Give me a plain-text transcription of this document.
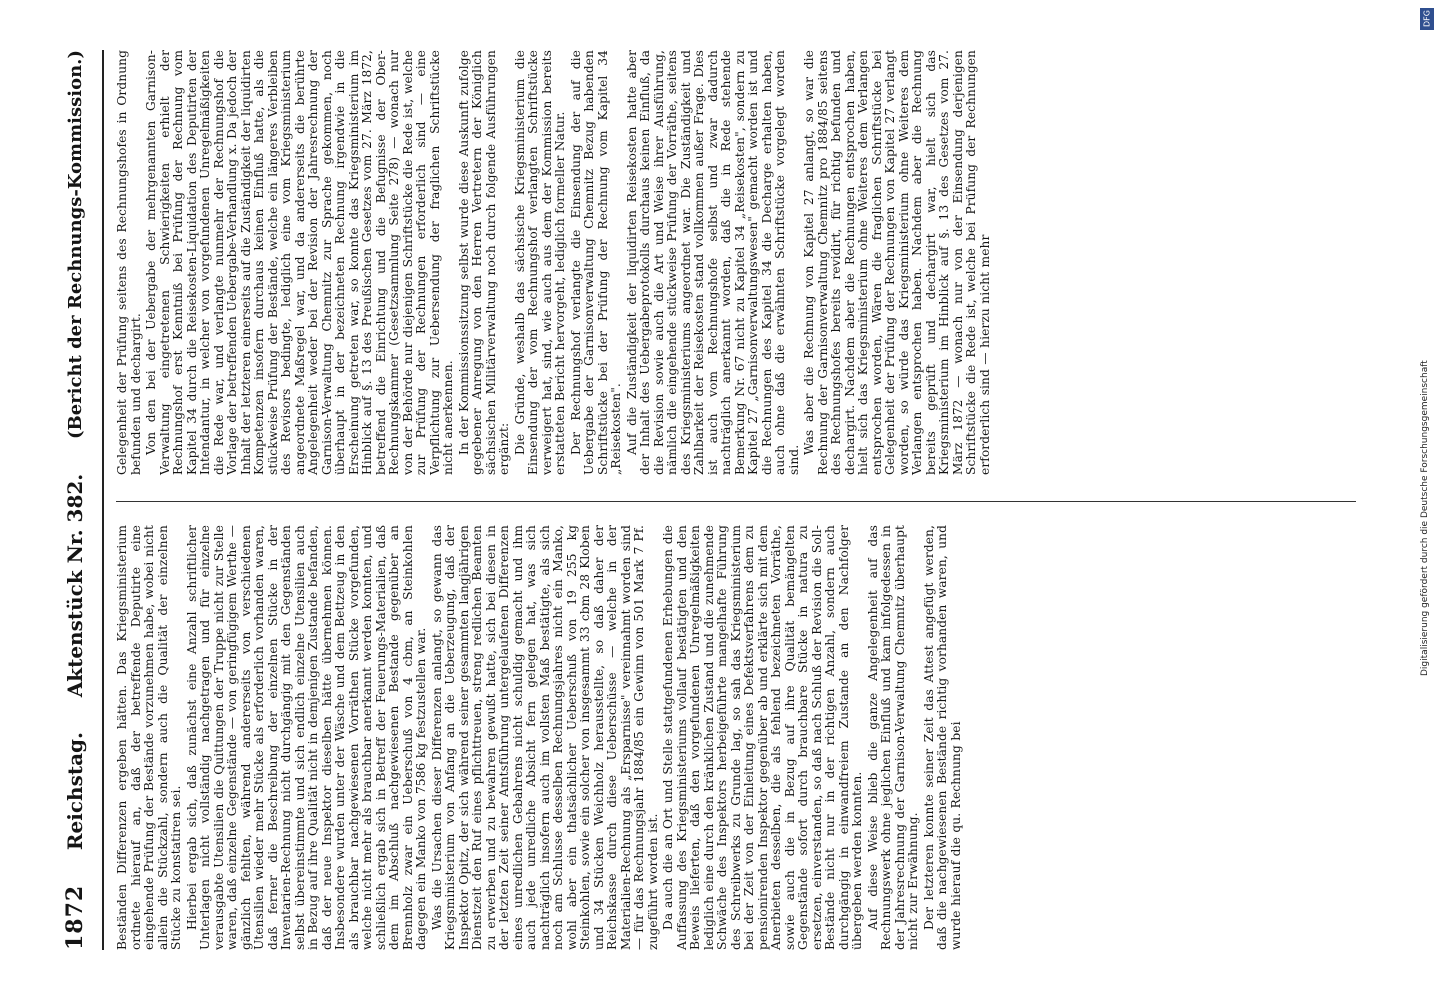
1872
Reichstag.
Aktenstück Nr. 382.
(Bericht der Rechnungs-Kommission.)

Beständen Differenzen ergeben hätten. Das Kriegsministerium ordnete hierauf an, daß der betreffende Deputirte eine eingehende Prüfung der Bestände vorzunehmen habe, wobei nicht allein die Stückzahl, sondern auch die Qualität der einzelnen Stücke zu konstatiren sei. Hierbei ergab sich, daß zunächst eine Anzahl schriftlicher Unterlagen nicht vollständig nachgetragen und für einzelne verausgabte Utensilien die Quittungen der Truppe nicht zur Stelle waren, daß einzelne Gegenstände — von geringfügigem Werthe — gänzlich fehlten, während andererseits von verschiedenen Utensilien wieder mehr Stücke als erforderlich vorhanden waren, daß ferner die Beschreibung der einzelnen Stücke in der Inventarien-Rechnung nicht durchgängig mit den Gegenständen selbst übereinstimmte und sich endlich einzelne Utensilien auch in Bezug auf ihre Qualität nicht in demjenigen Zustande befanden, daß der neue Inspektor dieselben hätte übernehmen können. Insbesondere wurden unter der Wäsche und dem Bettzeug in den als brauchbar nachgewiesenen Vorräthen Stücke vorgefunden, welche nicht mehr als brauchbar anerkannt werden konnten, und schließlich ergab sich in Betreff der Feuerungs-Materialien, daß dem im Abschluß nachgewiesenen Bestande gegenüber an Brennholz zwar ein Ueberschuß von 4 cbm, an Steinkohlen dagegen ein Manko von 7586 kg festzustellen war. Was die Ursachen dieser Differenzen anlangt, so gewann das Kriegsministerium von Anfang an die Ueberzeugung, daß der Inspektor Opitz, der sich während seiner gesammten langjährigen Dienstzeit den Ruf eines pflichttreuen, streng redlichen Beamten zu erwerben und zu bewahren gewußt hatte, sich bei diesen in der letzten Zeit seiner Amtsführung untergelaufenen Differenzen eines unredlichen Gebahrens nicht schuldig gemacht und ihm auch jede unredliche Absicht fern gelegen hat, was sich nachträglich insofern auch im vollsten Maß bestätigte, als sich noch am Schlusse desselben Rechnungsjahres nicht ein Manko, wohl aber ein thatsächlicher Ueberschuß von 19 255 kg Steinkohlen, sowie ein solcher von insgesammt 33 cbm 28 Kloben und 34 Stücken Weichholz herausstellte, so daß daher der Reichskasse durch diese Ueberschüsse — welche in der Materialien-Rechnung als „Ersparnisse" vereinnahmt worden sind — für das Rechnungsjahr 1884/85 ein Gewinn von 501 Mark 7 Pf. zugeführt worden ist. Da auch die an Ort und Stelle stattgefundenen Erhebungen die Auffassung des Kriegsministeriums vollauf bestätigten und den Beweis lieferten, daß den vorgefundenen Unregelmäßigkeiten lediglich eine durch den kränklichen Zustand und die zunehmende Schwäche des Inspektors herbeigeführte mangelhafte Führung des Schreibwerks zu Grunde lag, so sah das Kriegsministerium bei der Zeit von der Einleitung eines Defektsverfahrens dem zu pensionirenden Inspektor gegenüber ab und erklärte sich mit dem Anerbieten desselben, die als fehlend bezeichneten Vorräthe, sowie auch die in Bezug auf ihre Qualität bemängelten Gegenstände sofort durch brauchbare Stücke in natura zu ersetzen, einverstanden, so daß nach Schluß der Revision die Soll-Bestände nicht nur in der richtigen Anzahl, sondern auch durchgängig in einwandfreiem Zustande an den Nachfolger übergeben werden konnten. Auf diese Weise blieb die ganze Angelegenheit auf das Rechnungswerk ohne jeglichen Einfluß und kam infolgedessen in der Jahresrechnung der Garnison-Verwaltung Chemnitz überhaupt nicht zur Erwähnung. Der letzteren konnte seiner Zeit das Attest angefügt werden, daß die nachgewiesenen Bestände richtig vorhanden waren, und wurde hierauf die qu. Rechnung bei

Gelegenheit der Prüfung seitens des Rechnungshofes in Ordnung befunden und dechargirt. Von den bei der Uebergabe der mehrgenannten Garnison-Verwaltung eingetretenen Schwierigkeiten erhielt der Rechnungshof erst Kenntniß bei Prüfung der Rechnung vom Kapitel 34 durch die Reisekosten-Liquidation des Deputirten der Intendantur, in welcher von vorgefundenen Unregelmäßigkeiten die Rede war, und verlangte nunmehr der Rechnungshof die Vorlage der betreffenden Uebergabe-Verhandlung x. Da jedoch der Inhalt der letzteren einerseits auf die Zuständigkeit der liquidirten Kompetenzen insofern durchaus keinen Einfluß hatte, als die stückweise Prüfung der Bestände, welche ein längeres Verbleiben des Revisors bedingte, lediglich eine vom Kriegsministerium angeordnete Maßregel war, und da andererseits die berührte Angelegenheit weder bei der Revision der Jahresrechnung der Garnison-Verwaltung Chemnitz zur Sprache gekommen, noch überhaupt in der bezeichneten Rechnung irgendwie in die Erscheinung getreten war, so konnte das Kriegsministerium im Hinblick auf §. 13 des Preußischen Gesetzes vom 27. März 1872, betreffend die Einrichtung und die Befugnisse der Ober-Rechnungskammer (Gesetzsammlung Seite 278) — wonach nur von der Behörde nur diejenigen Schriftstücke die Rede ist, welche zur Prüfung der Rechnungen erforderlich sind — eine Verpflichtung zur Uebersendung der fraglichen Schriftstücke nicht anerkennen. In der Kommissionssitzung selbst wurde diese Auskunft zufolge gegebener Anregung von den Herren Vertretern der Königlich sächsischen Militärverwaltung noch durch folgende Ausführungen ergänzt: Die Gründe, weshalb das sächsische Kriegsministerium die Einsendung der vom Rechnungshof verlangten Schriftstücke verweigert hat, sind, wie auch aus dem der Kommission bereits erstatteten Bericht hervorgeht, lediglich formeller Natur. Der Rechnungshof verlangte die Einsendung der auf die Uebergabe der Garnisonverwaltung Chemnitz Bezug habenden Schriftstücke bei der Prüfung der Rechnung vom Kapitel 34 „Reisekosten". Auf die Zuständigkeit der liquidirten Reisekosten hatte aber der Inhalt des Uebergabeprotokolls durchaus keinen Einfluß, da die Revision sowie auch die Art und Weise ihrer Ausführung, nämlich die eingehende stückweise Prüfung der Vorräthe, seitens des Kriegsministeriums angeordnet war. Die Zuständigkeit und Zahlbarkeit der Reisekosten stand vollkommen außer Frage. Dies ist auch vom Rechnungshofe selbst und zwar dadurch nachträglich anerkannt worden, daß die in Rede stehende Bemerkung Nr. 67 nicht zu Kapitel 34 „Reisekosten", sondern zu Kapitel 27 „Garnisonverwaltungswesen" gemacht worden ist und die Rechnungen des Kapitel 34 die Decharge erhalten haben, auch ohne daß die erwähnten Schriftstücke vorgelegt worden sind.

Was aber die Rechnung von Kapitel 27 anlangt, so war die Rechnung der Garnisonverwaltung Chemnitz pro 1884/85 seitens des Rechnungshofes bereits revidirt, für richtig befunden und dechargirt. Nachdem aber die Rechnungen entsprochen haben, hielt sich das Kriegsministerium ohne Weiteres dem Verlangen entsprochen worden, Wären die fraglichen Schriftstücke bei Gelegenheit der Prüfung der Rechnungen von Kapitel 27 verlangt worden, so würde das Kriegsministerium ohne Weiteres dem Verlangen entsprochen haben. Nachdem aber die Rechnung bereits geprüft und dechargirt war, hielt sich das Kriegsministerium im Hinblick auf §. 13 des Gesetzes vom 27. März 1872 — wonach nur von der Einsendung derjenigen Schriftstücke die Rede ist, welche bei Prüfung der Rechnungen erforderlich sind — hierzu nicht mehr

DFG
Digitalisierung gefördert durch die Deutsche Forschungsgemeinschaft
